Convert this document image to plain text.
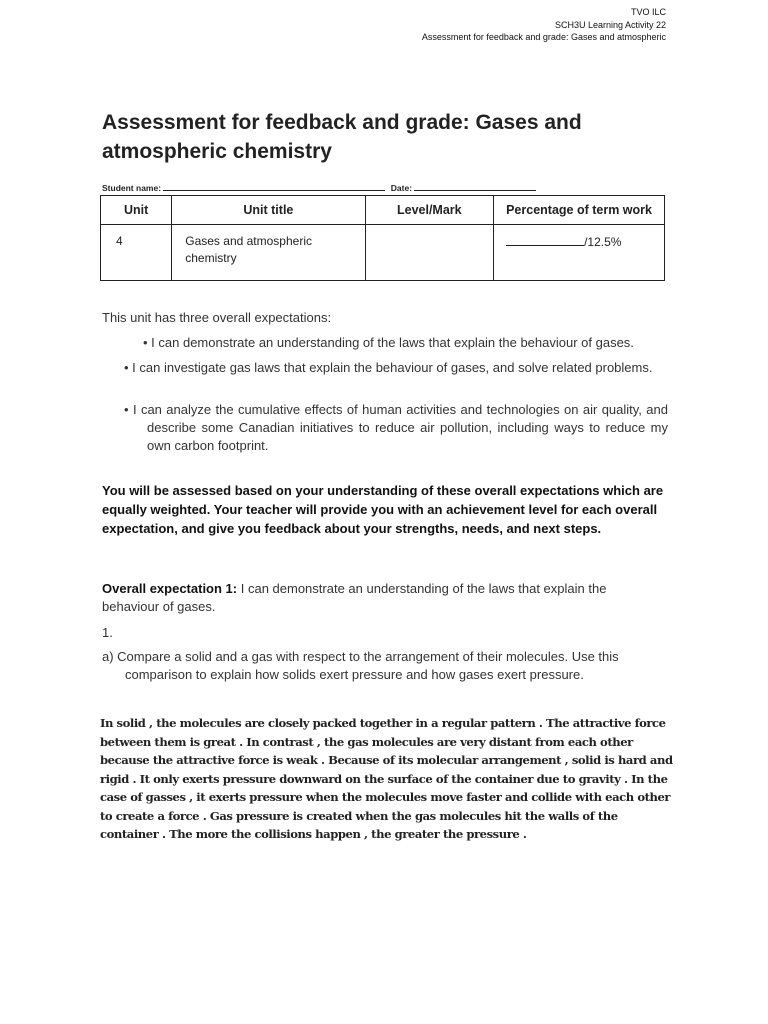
TVO ILC
SCH3U Learning Activity 22
Assessment for feedback and grade: Gases and atmospheric
Assessment for feedback and grade: Gases and atmospheric chemistry
Student name:	Date:
Unit	Unit title	Level/Mark	Percentage of term work
4	Gases and atmospheric chemistry		/12.5%

This unit has three overall expectations:

• I can demonstrate an understanding of the laws that explain the behaviour of gases.

• I can investigate gas laws that explain the behaviour of gases, and solve related problems.

• I can analyze the cumulative effects of human activities and technologies on air quality, and describe some Canadian initiatives to reduce air pollution, including ways to reduce my own carbon footprint.

You will be assessed based on your understanding of these overall expectations which are equally weighted. Your teacher will provide you with an achievement level for each overall expectation, and give you feedback about your strengths, needs, and next steps.

Overall expectation 1: I can demonstrate an understanding of the laws that explain the behaviour of gases.

1.

a) Compare a solid and a gas with respect to the arrangement of their molecules. Use this comparison to explain how solids exert pressure and how gases exert pressure.

In solid , the molecules are closely packed together in a regular pattern . The attractive force between them is great . In contrast , the gas molecules are very distant from each other because the attractive force is weak . Because of its molecular arrangement , solid is hard and rigid . It only exerts pressure downward on the surface of the container due to gravity . In the case of gasses , it exerts pressure when the molecules move faster and collide with each other to create a force . Gas pressure is created when the gas molecules hit the walls of the container . The more the collisions happen , the greater the pressure .
